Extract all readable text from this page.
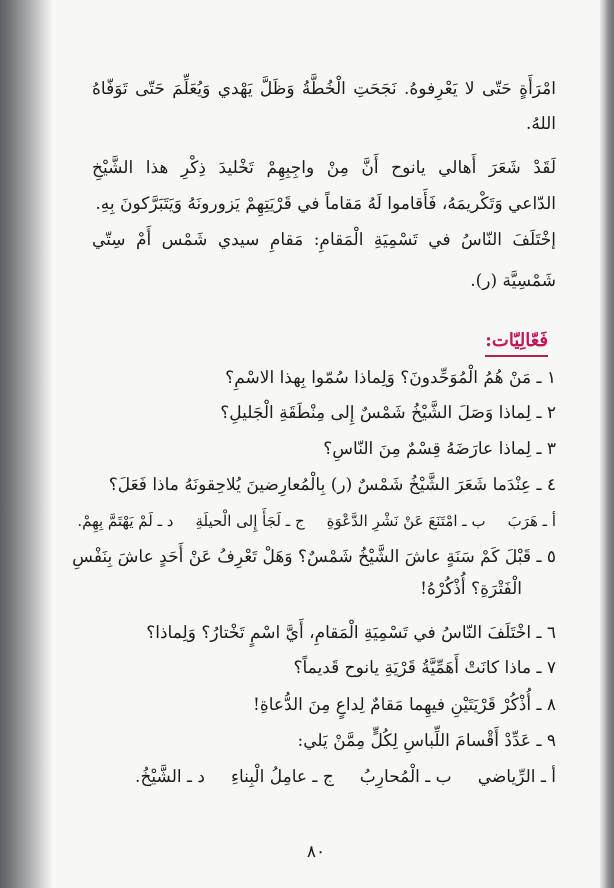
امْرَأَةٍ حَتّى لا يَعْرِفوهُ. نَجَحَتِ الْخُطَّةُ وَظَلَّ يَهْدي وَيُعَلِّمَ حَتّى تَوَفّاهُ
اللهُ.
لَقَدْ شَعَرَ أَهالي يانوح أَنَّ مِنْ واجِبِهِمْ تَخْليدَ ذِكْرِ هذا الشَّيْخِ
الدّاعي وَتَكْريمَهُ، فَأَقاموا لَهُ مَقاماً في قَرْيَتِهِمْ يَزورونَهُ وَيَتَبَرَّكونَ بِهِ.
إخْتَلَفَ النّاسُ في تَسْمِيَةِ الْمَقامِ: مَقامِ سيدي شَمْس أَمْ سِتّي
شَمْسِيَّة (ر).
فَعّالِيّات:
١ ـ مَنْ هُمُ الْمُوَحِّدونَ؟ وَلِماذا سُمّوا بِهذا الاسْمِ؟
٢ ـ لِماذا وَصَلَ الشَّيْخُ شَمْسٌ إِلى مِنْطَقَةِ الْجَليلِ؟
٣ ـ لِماذا عارَضَهُ قِسْمٌ مِنَ النّاسِ؟
٤ ـ عِنْدَما شَعَرَ الشَّيْخُ شَمْسٌ (ر) بِالْمُعارِضينَ يُلاحِقونَهُ ماذا فَعَلَ؟
أ ـ هَرَبَ
ب ـ امْتَنَعَ عَنْ نَشْرِ الدَّعْوَةِ
ج ـ لَجَأَ إِلى الْحيلَةِ
د ـ لَمْ يَهْتَمَّ بِهِمْ.
٥ ـ قَبْلَ كَمْ سَنَةٍ عاشَ الشَّيْخُ شَمْسٌ؟ وَهَلْ تَعْرِفُ عَنْ أَحَدٍ عاشَ بِنَفْسِ
الْفَتْرَةِ؟ أُذْكُرْهُ!
٦ ـ اخْتَلَفَ النّاسُ في تَسْمِيَةِ الْمَقامِ، أَيَّ اسْمٍ تَخْتارُ؟ وَلِماذا؟
٧ ـ ماذا كانَتْ أَهَمِّيَّةُ قَرْيَةِ يانوح قَديماً؟
٨ ـ أُذْكُرْ قَرْيَتَيْنِ فيهِما مَقامٌ لِداعٍ مِنَ الدُّعاةِ!
٩ ـ عَدِّدْ أَقْسامَ اللِّباسِ لِكُلٍّ مِمَّنْ يَلي:
أ ـ الرِّياضي
ب ـ الْمُحارِبُ
ج ـ عامِلُ الْبِناءِ
د ـ الشَّيْخُ.
٨٠
